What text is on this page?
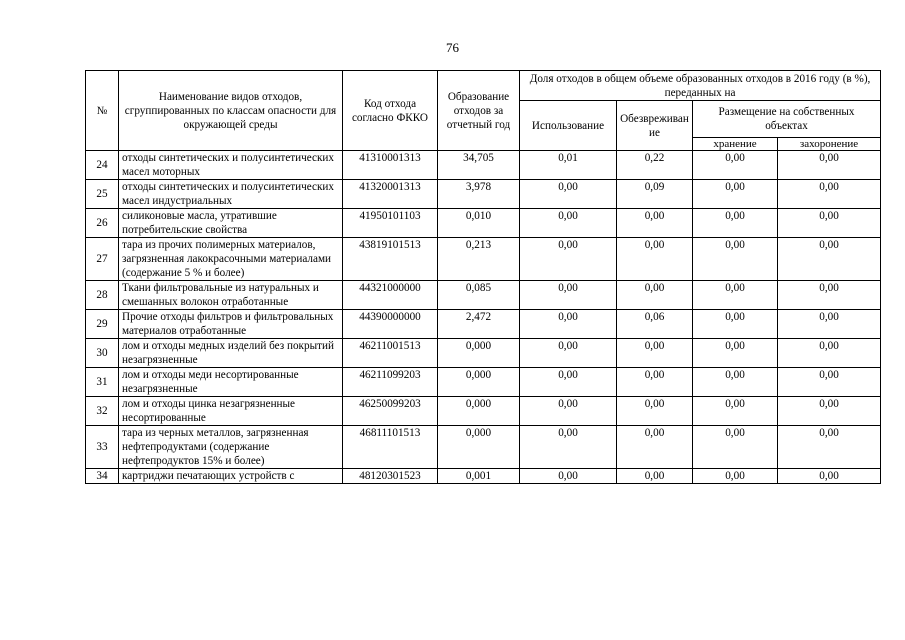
76
№	Наименование видов отходов, сгруппированных по классам опасности для окружающей среды	Код отхода согласно ФККО	Образование отходов за отчетный год	Доля отходов в общем объеме образованных отходов в 2016 году (в %), переданных на			
				Использование	Обезвреживание	Размещение на собственных объектах	
						хранение	захоронение
24	отходы синтетических и полусинтетических масел моторных	41310001313	34,705	0,01	0,22	0,00	0,00
25	отходы синтетических и полусинтетических масел индустриальных	41320001313	3,978	0,00	0,09	0,00	0,00
26	силиконовые масла, утратившие потребительские свойства	41950101103	0,010	0,00	0,00	0,00	0,00
27	тара из прочих полимерных материалов, загрязненная лакокрасочными материалами (содержание 5 % и более)	43819101513	0,213	0,00	0,00	0,00	0,00
28	Ткани фильтровальные из натуральных и смешанных волокон отработанные	44321000000	0,085	0,00	0,00	0,00	0,00
29	Прочие отходы фильтров и фильтровальных материалов отработанные	44390000000	2,472	0,00	0,06	0,00	0,00
30	лом и отходы медных изделий без покрытий незагрязненные	46211001513	0,000	0,00	0,00	0,00	0,00
31	лом и отходы меди несортированные незагрязненные	46211099203	0,000	0,00	0,00	0,00	0,00
32	лом и отходы цинка незагрязненные несортированные	46250099203	0,000	0,00	0,00	0,00	0,00
33	тара из черных металлов, загрязненная нефтепродуктами (содержание нефтепродуктов 15% и более)	46811101513	0,000	0,00	0,00	0,00	0,00
34	картриджи печатающих устройств с	48120301523	0,001	0,00	0,00	0,00	0,00
